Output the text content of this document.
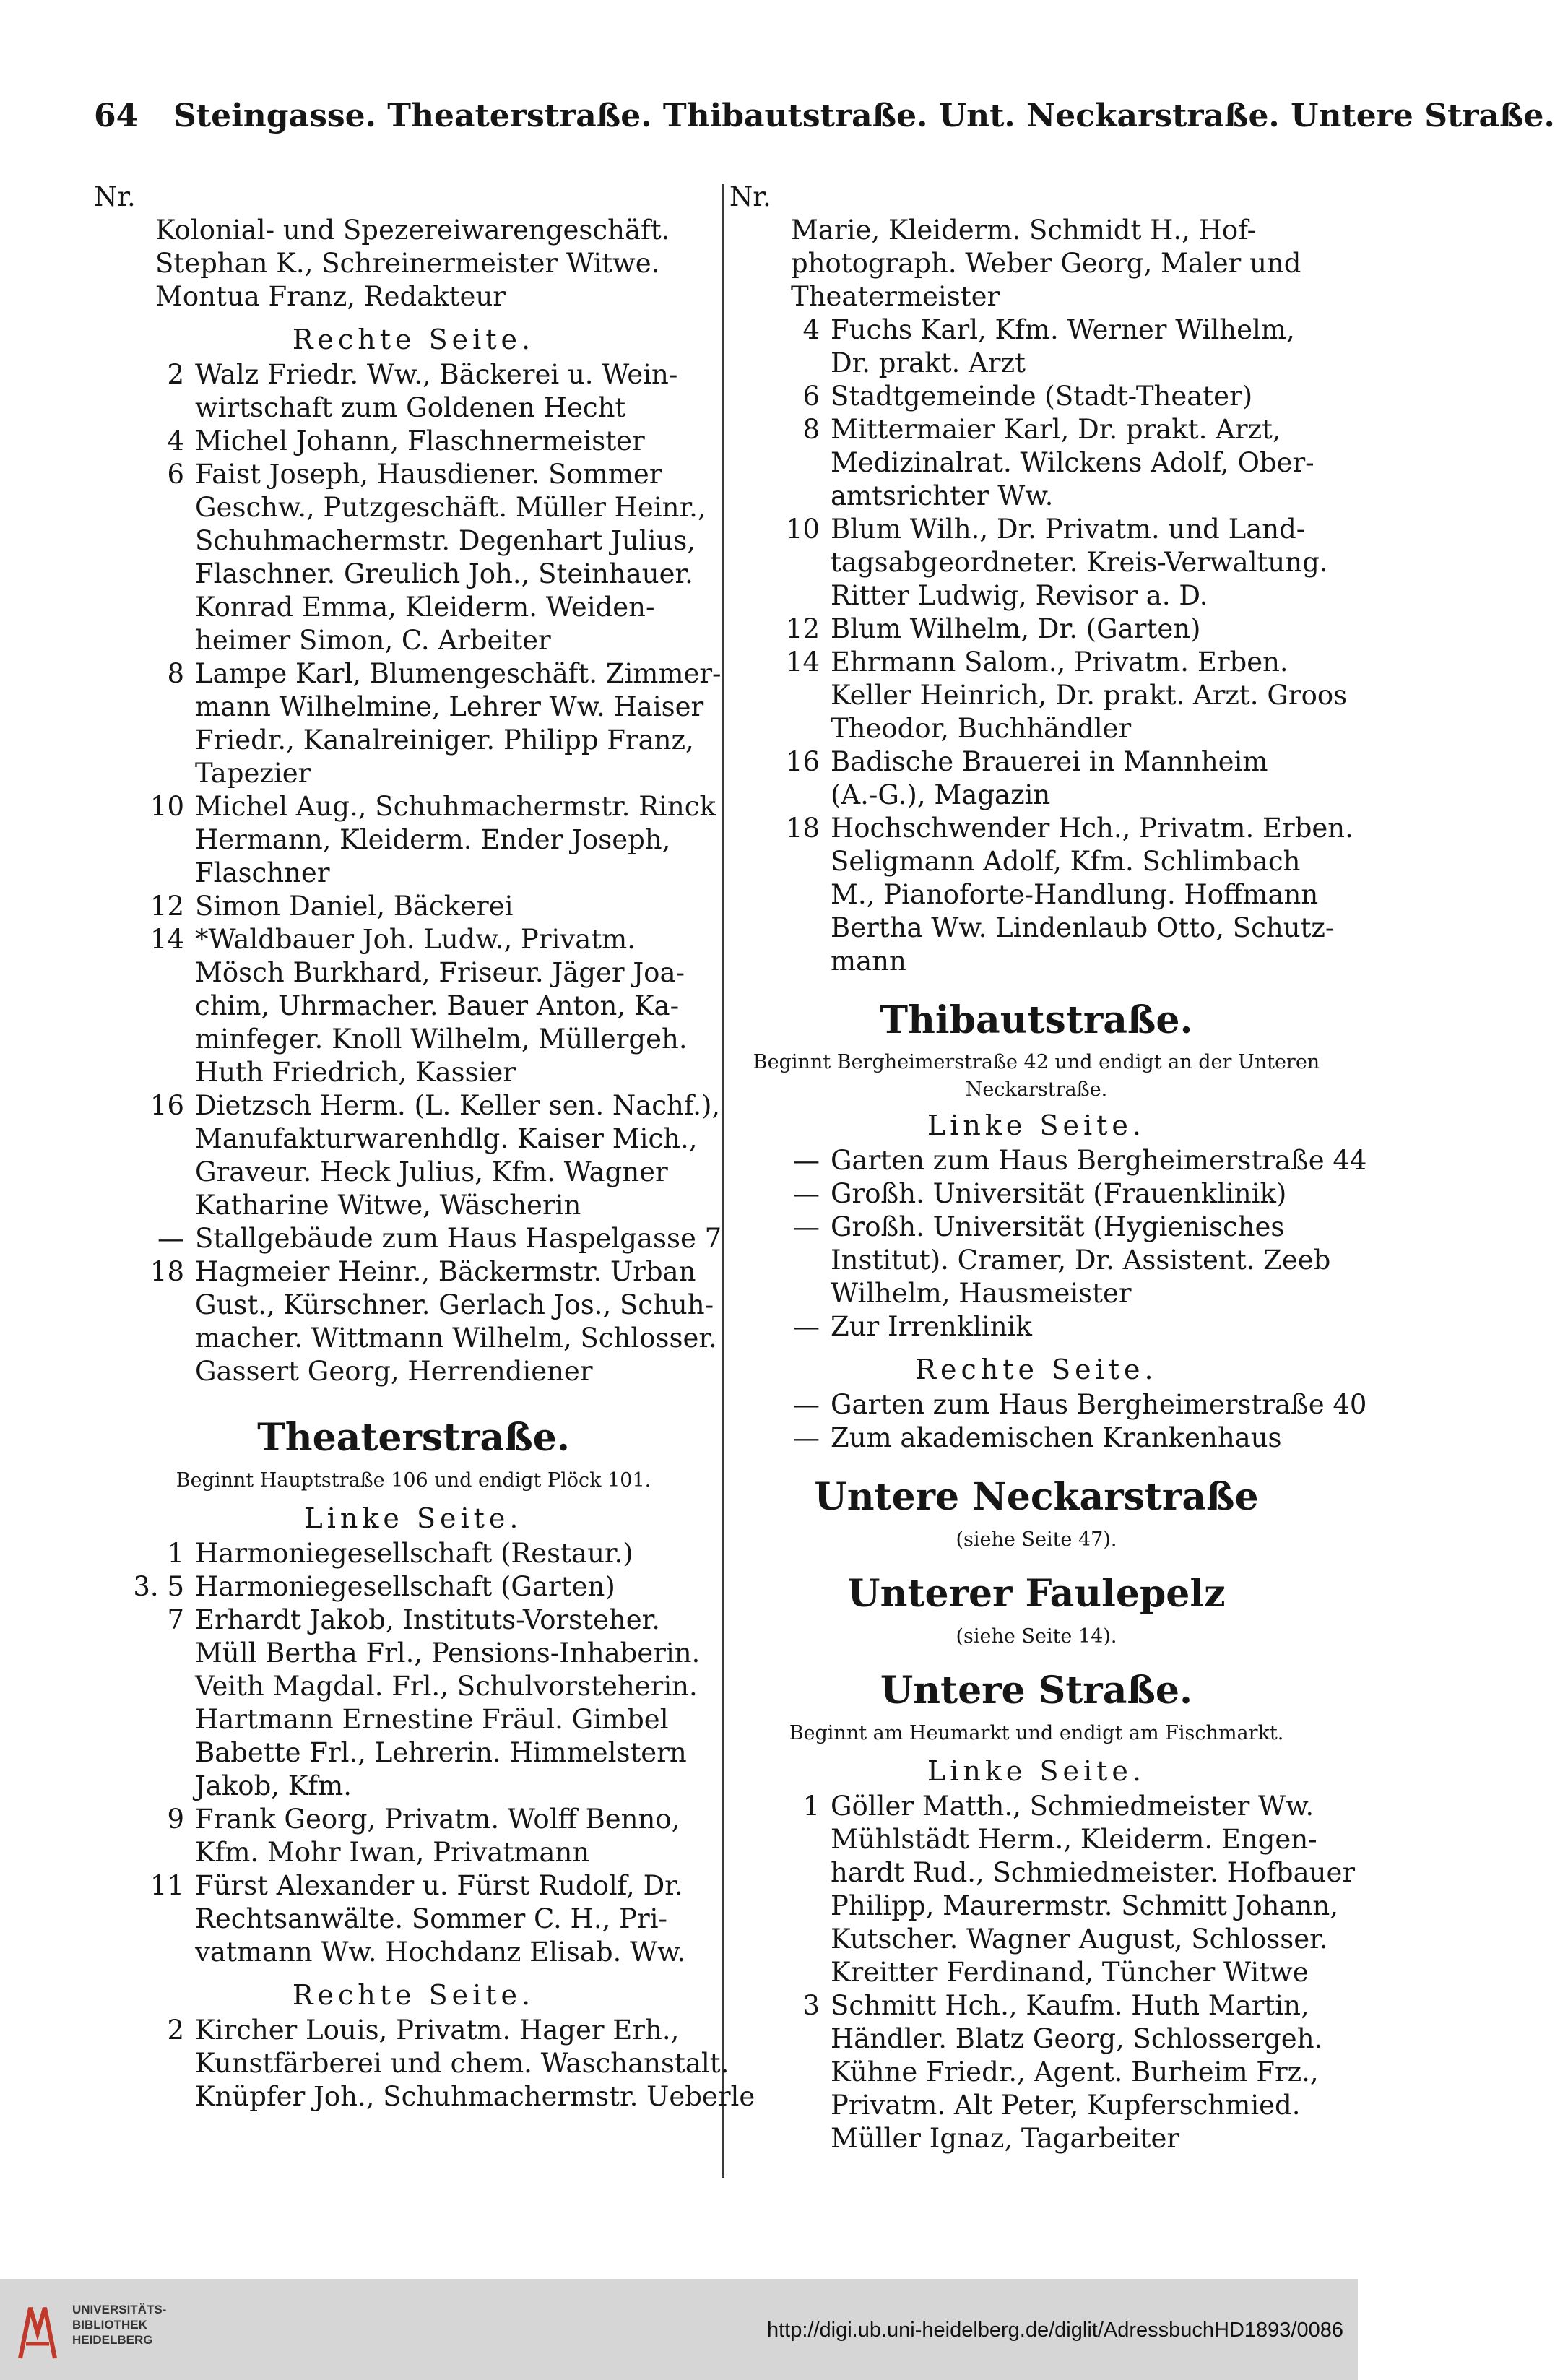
64 Steingasse. Theaterstraße. Thibautstraße. Unt. Neckarstraße. Untere Straße.
Nr.
Kolonial- und Spezereiwarengeschäft.
Stephan K., Schreinermeister Witwe.
Montua Franz, Redakteur
Rechte Seite.
2 Walz Friedr. Ww., Bäckerei u. Wein-
wirtschaft zum Goldenen Hecht
4 Michel Johann, Flaschnermeister
6 Faist Joseph, Hausdiener. Sommer
Geschw., Putzgeschäft. Müller Heinr.,
Schuhmachermstr. Degenhart Julius,
Flaschner. Greulich Joh., Steinhauer.
Konrad Emma, Kleiderm. Weiden-
heimer Simon, C. Arbeiter
8 Lampe Karl, Blumengeschäft. Zimmer-
mann Wilhelmine, Lehrer Ww. Haiser
Friedr., Kanalreiniger. Philipp Franz,
Tapezier
10 Michel Aug., Schuhmachermstr. Rinck
Hermann, Kleiderm. Ender Joseph,
Flaschner
12 Simon Daniel, Bäckerei
14 *Waldbauer Joh. Ludw., Privatm.
Mösch Burkhard, Friseur. Jäger Joa-
chim, Uhrmacher. Bauer Anton, Ka-
minfeger. Knoll Wilhelm, Müllergeh.
Huth Friedrich, Kassier
16 Dietzsch Herm. (L. Keller sen. Nachf.),
Manufakturwarenhdlg. Kaiser Mich.,
Graveur. Heck Julius, Kfm. Wagner
Katharine Witwe, Wäscherin
— Stallgebäude zum Haus Haspelgasse 7
18 Hagmeier Heinr., Bäckermstr. Urban
Gust., Kürschner. Gerlach Jos., Schuh-
macher. Wittmann Wilhelm, Schlosser.
Gassert Georg, Herrendiener
Theaterstraße.
Beginnt Hauptstraße 106 und endigt Plöck 101.
Linke Seite.
1 Harmoniegesellschaft (Restaur.)
3. 5 Harmoniegesellschaft (Garten)
7 Erhardt Jakob, Instituts-Vorsteher.
Müll Bertha Frl., Pensions-Inhaberin.
Veith Magdal. Frl., Schulvorsteherin.
Hartmann Ernestine Fräul. Gimbel
Babette Frl., Lehrerin. Himmelstern
Jakob, Kfm.
9 Frank Georg, Privatm. Wolff Benno,
Kfm. Mohr Iwan, Privatmann
11 Fürst Alexander u. Fürst Rudolf, Dr.
Rechtsanwälte. Sommer C. H., Pri-
vatmann Ww. Hochdanz Elisab. Ww.
Rechte Seite.
2 Kircher Louis, Privatm. Hager Erh.,
Kunstfärberei und chem. Waschanstalt.
Knüpfer Joh., Schuhmachermstr. Ueberle
Nr.
Marie, Kleiderm. Schmidt H., Hof-
photograph. Weber Georg, Maler und
Theatermeister
4 Fuchs Karl, Kfm. Werner Wilhelm,
Dr. prakt. Arzt
6 Stadtgemeinde (Stadt-Theater)
8 Mittermaier Karl, Dr. prakt. Arzt,
Medizinalrat. Wilckens Adolf, Ober-
amtsrichter Ww.
10 Blum Wilh., Dr. Privatm. und Land-
tagsabgeordneter. Kreis-Verwaltung.
Ritter Ludwig, Revisor a. D.
12 Blum Wilhelm, Dr. (Garten)
14 Ehrmann Salom., Privatm. Erben.
Keller Heinrich, Dr. prakt. Arzt. Groos
Theodor, Buchhändler
16 Badische Brauerei in Mannheim
(A.-G.), Magazin
18 Hochschwender Hch., Privatm. Erben.
Seligmann Adolf, Kfm. Schlimbach
M., Pianoforte-Handlung. Hoffmann
Bertha Ww. Lindenlaub Otto, Schutz-
mann
Thibautstraße.
Beginnt Bergheimerstraße 42 und endigt an der Unteren Neckarstraße.
Linke Seite.
— Garten zum Haus Bergheimerstraße 44
— Großh. Universität (Frauenklinik)
— Großh. Universität (Hygienisches
Institut). Cramer, Dr. Assistent. Zeeb
Wilhelm, Hausmeister
— Zur Irrenklinik
Rechte Seite.
— Garten zum Haus Bergheimerstraße 40
— Zum akademischen Krankenhaus
Untere Neckarstraße
(siehe Seite 47).
Unterer Faulepelz
(siehe Seite 14).
Untere Straße.
Beginnt am Heumarkt und endigt am Fischmarkt.
Linke Seite.
1 Göller Matth., Schmiedmeister Ww.
Mühlstädt Herm., Kleiderm. Engen-
hardt Rud., Schmiedmeister. Hofbauer
Philipp, Maurermstr. Schmitt Johann,
Kutscher. Wagner August, Schlosser.
Kreitter Ferdinand, Tüncher Witwe
3 Schmitt Hch., Kaufm. Huth Martin,
Händler. Blatz Georg, Schlossergeh.
Kühne Friedr., Agent. Burheim Frz.,
Privatm. Alt Peter, Kupferschmied.
Müller Ignaz, Tagarbeiter
UNIVERSITÄTS-
BIBLIOTHEK
HEIDELBERG	http://digi.ub.uni-heidelberg.de/diglit/AdressbuchHD1893/0086
